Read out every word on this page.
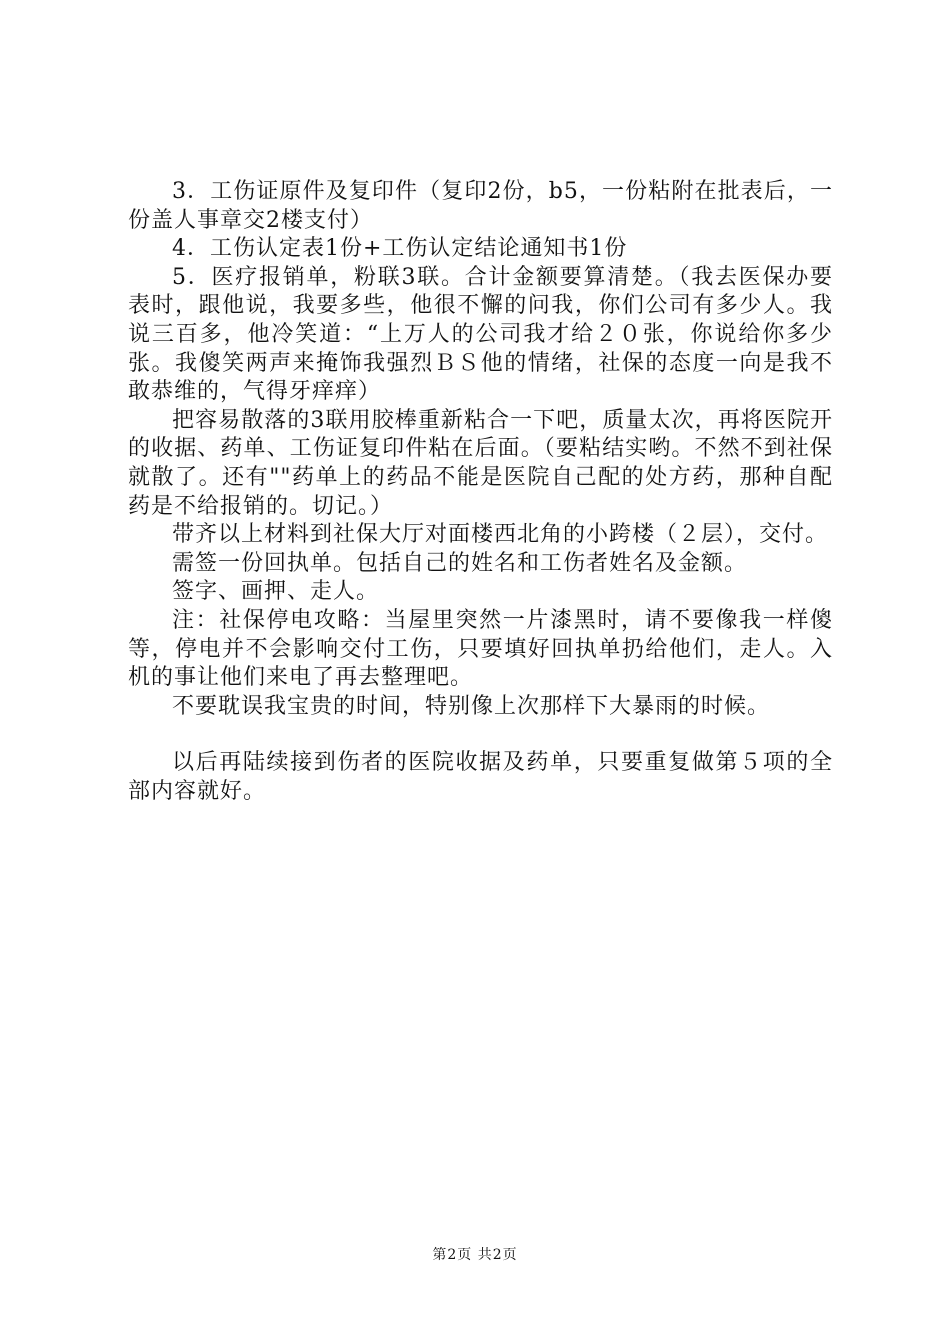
3．工伤证原件及复印件（复印2份，b5，一份粘附在批表后，一份盖人事章交2楼支付）

4．工伤认定表1份+工伤认定结论通知书1份

5．医疗报销单，粉联3联。合计金额要算清楚。（我去医保办要表时，跟他说，我要多些，他很不懈的问我，你们公司有多少人。我说三百多，他冷笑道：“上万人的公司我才给２０张，你说给你多少张。我傻笑两声来掩饰我强烈ＢＳ他的情绪，社保的态度一向是我不敢恭维的，气得牙痒痒）

把容易散落的3联用胶棒重新粘合一下吧，质量太次，再将医院开的收据、药单、工伤证复印件粘在后面。（要粘结实哟。不然不到社保就散了。还有""药单上的药品不能是医院自己配的处方药，那种自配药是不给报销的。切记。）

带齐以上材料到社保大厅对面楼西北角的小跨楼（２层），交付。

需签一份回执单。包括自己的姓名和工伤者姓名及金额。

签字、画押、走人。

注：社保停电攻略：当屋里突然一片漆黑时，请不要像我一样傻等，停电并不会影响交付工伤，只要填好回执单扔给他们，走人。入机的事让他们来电了再去整理吧。

不要耽误我宝贵的时间，特别像上次那样下大暴雨的时候。

以后再陆续接到伤者的医院收据及药单，只要重复做第５项的全部内容就好。

第2页 共2页
